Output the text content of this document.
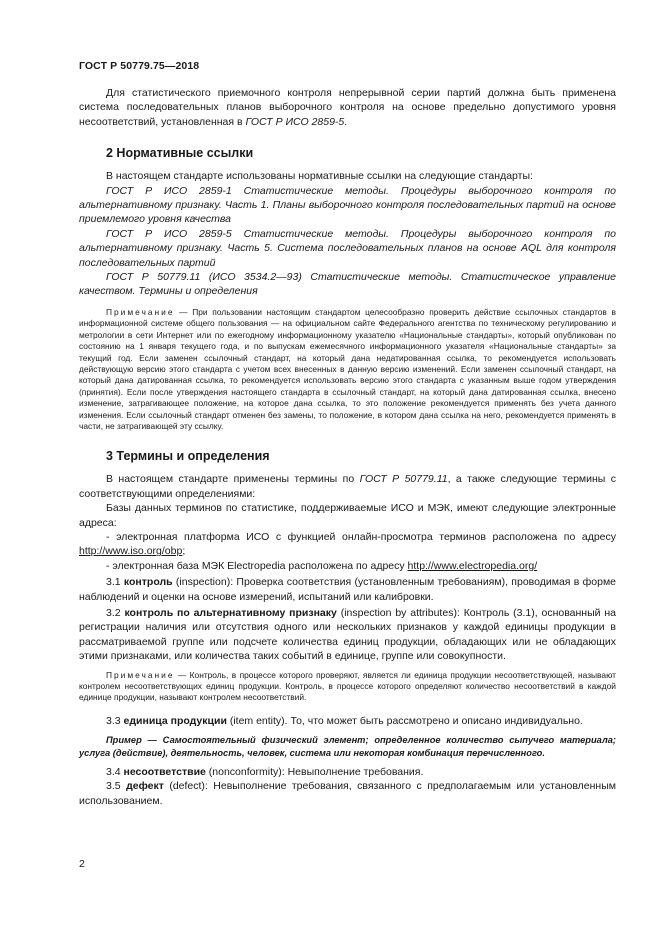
ГОСТ Р 50779.75—2018

Для статистического приемочного контроля непрерывной серии партий должна быть применена система последовательных планов выборочного контроля на основе предельно допустимого уровня несоответствий, установленная в ГОСТ Р ИСО 2859-5.

2 Нормативные ссылки

В настоящем стандарте использованы нормативные ссылки на следующие стандарты:

ГОСТ Р ИСО 2859-1 Статистические методы. Процедуры выборочного контроля по альтернативному признаку. Часть 1. Планы выборочного контроля последовательных партий на основе приемлемого уровня качества

ГОСТ Р ИСО 2859-5 Статистические методы. Процедуры выборочного контроля по альтернативному признаку. Часть 5. Система последовательных планов на основе AQL для контроля последовательных партий

ГОСТ Р 50779.11 (ИСО 3534.2—93) Статистические методы. Статистическое управление качеством. Термины и определения

Примечание — При пользовании настоящим стандартом целесообразно проверить действие ссылочных стандартов в информационной системе общего пользования — на официальном сайте Федерального агентства по техническому регулированию и метрологии в сети Интернет или по ежегодному информационному указателю «Национальные стандарты», который опубликован по состоянию на 1 января текущего года, и по выпускам ежемесячного информационного указателя «Национальные стандарты» за текущий год. Если заменен ссылочный стандарт, на который дана недатированная ссылка, то рекомендуется использовать действующую версию этого стандарта с учетом всех внесенных в данную версию изменений. Если заменен ссылочный стандарт, на который дана датированная ссылка, то рекомендуется использовать версию этого стандарта с указанным выше годом утверждения (принятия). Если после утверждения настоящего стандарта в ссылочный стандарт, на который дана датированная ссылка, внесено изменение, затрагивающее положение, на которое дана ссылка, то это положение рекомендуется применять без учета данного изменения. Если ссылочный стандарт отменен без замены, то положение, в котором дана ссылка на него, рекомендуется применять в части, не затрагивающей эту ссылку.

3 Термины и определения

В настоящем стандарте применены термины по ГОСТ Р 50779.11, а также следующие термины с соответствующими определениями:

Базы данных терминов по статистике, поддерживаемые ИСО и МЭК, имеют следующие электронные адреса:

- электронная платформа ИСО с функцией онлайн-просмотра терминов расположена по адресу http://www.iso.org/obp;

- электронная база МЭК Electropedia расположена по адресу http://www.electropedia.org/

3.1 контроль (inspection): Проверка соответствия (установленным требованиям), проводимая в форме наблюдений и оценки на основе измерений, испытаний или калибровки.

3.2 контроль по альтернативному признаку (inspection by attributes): Контроль (3.1), основанный на регистрации наличия или отсутствия одного или нескольких признаков у каждой единицы продукции в рассматриваемой группе или подсчете количества единиц продукции, обладающих или не обладающих этими признаками, или количества таких событий в единице, группе или совокупности.

Примечание — Контроль, в процессе которого проверяют, является ли единица продукции несоответствующей, называют контролем несоответствующих единиц продукции. Контроль, в процессе которого определяют количество несоответствий в каждой единице продукции, называют контролем несоответствий.

3.3 единица продукции (item entity). То, что может быть рассмотрено и описано индивидуально.

Пример — Самостоятельный физический элемент; определенное количество сыпучего материала; услуга (действие), деятельность, человек, система или некоторая комбинация перечисленного.

3.4 несоответствие (nonconformity): Невыполнение требования.

3.5 дефект (defect): Невыполнение требования, связанного с предполагаемым или установленным использованием.

2
